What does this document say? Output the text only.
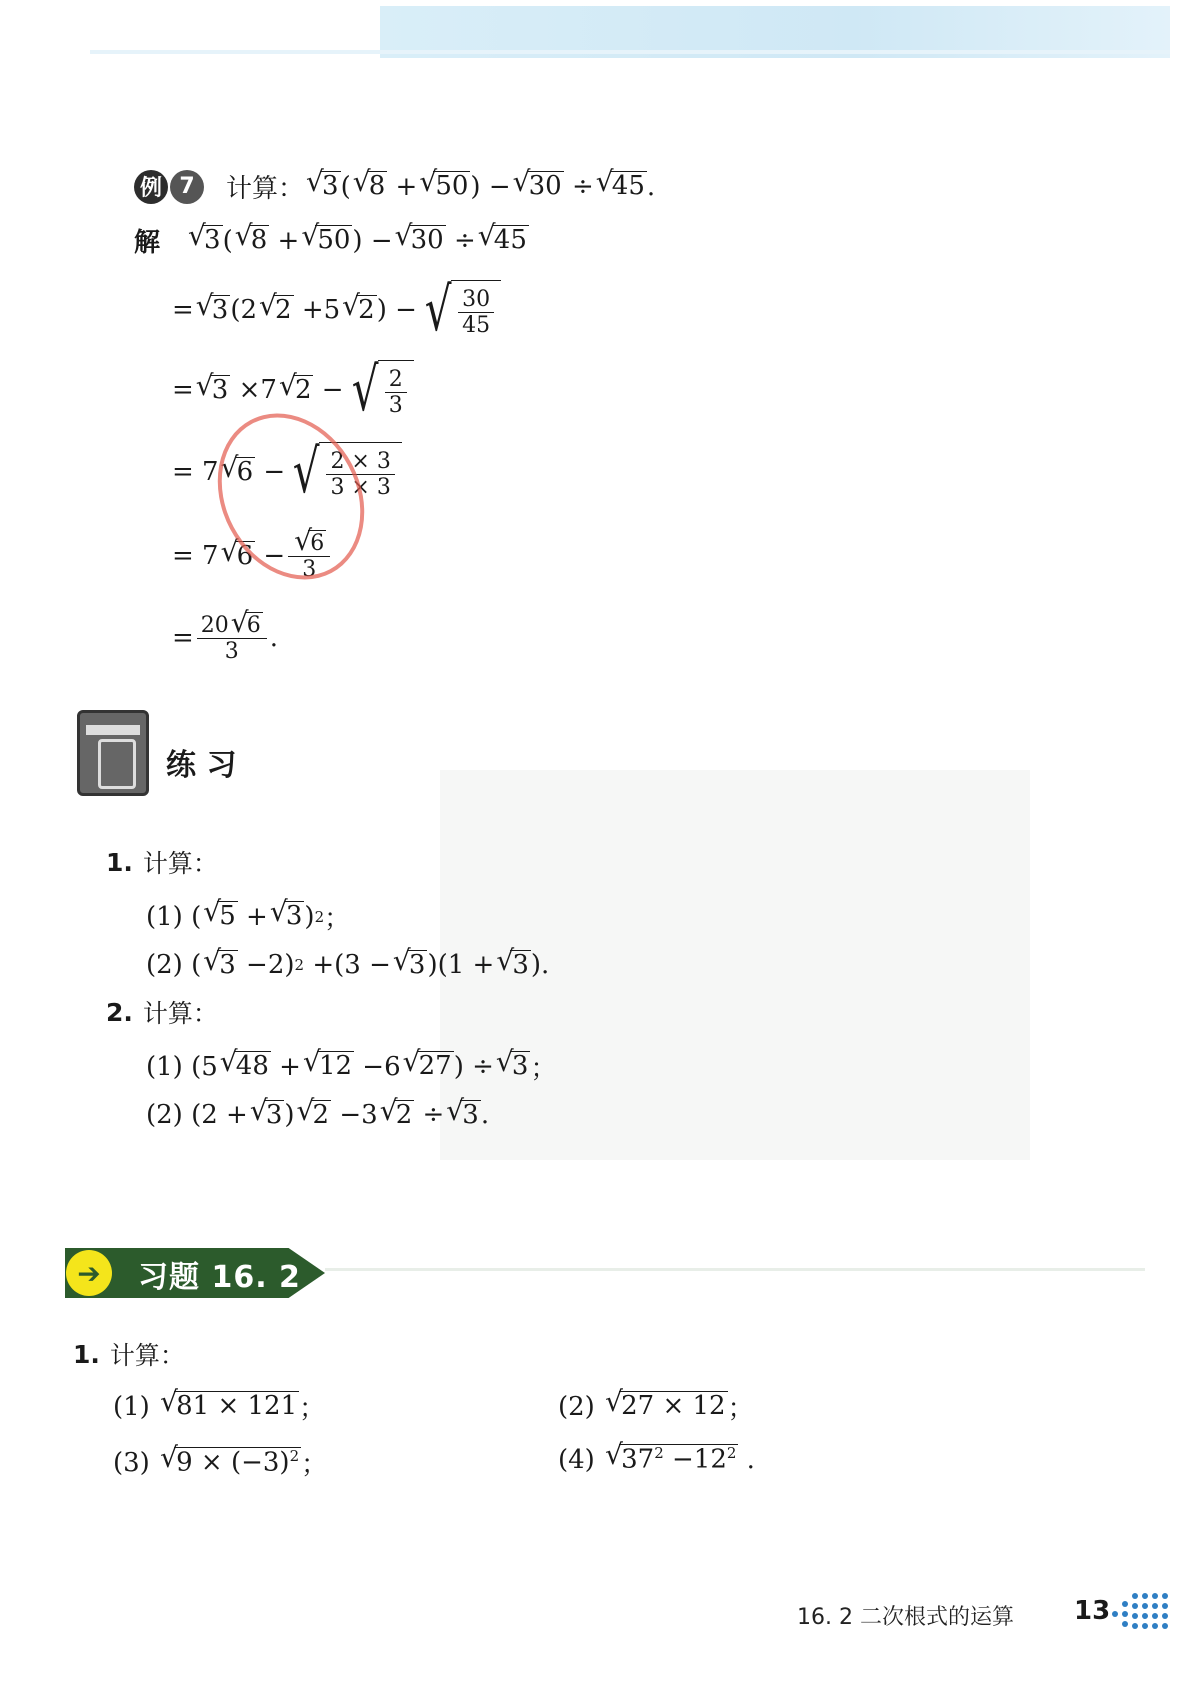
例 7	计算： √ 3 ( √ 8 + √ 50 ) − √ 30 ÷ √ 45 .
解	√ 3 ( √ 8 + √ 50 ) − √ 30 ÷ √ 45
= √ 3 (2 √ 2 +5 √ 2 ) − √ $\frac{30}{45}$
= √ 3 ×7 √ 2 − √ $\frac{2}{3}$
= 7 √ 6 − √ $\frac{2 \times 3}{3 \times 3}$
= 7 √ 6 − √ $\frac{6}{3}$
= $\frac{20 √ 6}{3}$ .
练 习
1. 计算：
(1) ( √ 5 + √ 3 ) 2 ；
(2) ( √ 3 −2) 2 +(3 − √ 3 )(1 + √ 3 ).
2. 计算：
(1) (5 √ 48 + √ 12 −6 √ 27 ) ÷ √ 3 ；
(2) (2 + √ 3 ) √ 2 −3 √ 2 ÷ √ 3 .
➔	习题 16. 2
1. 计算：
(1) √ 81 × 121 ；	(2) √ 27 × 12 ；
(3) √ $9 \times (-3)^2$ ；	(4) √ $37^2 -12^2$ .
16. 2 二次根式的运算 13
